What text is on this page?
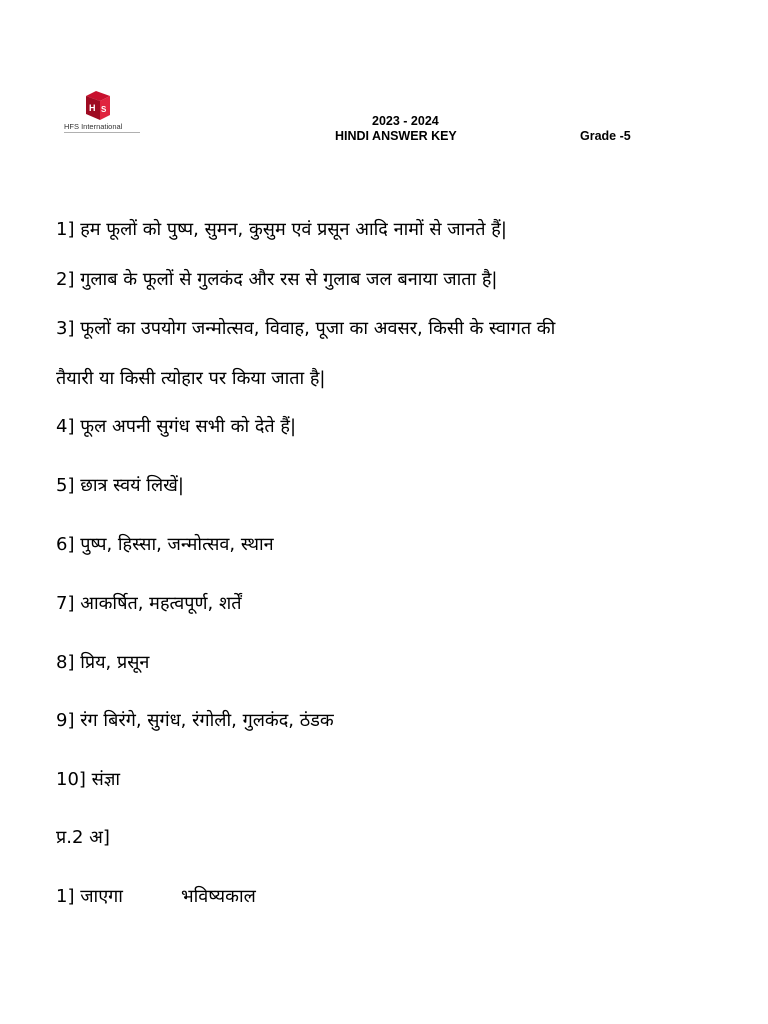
H S
HFS International	2023 - 2024
HINDI ANSWER KEY	Grade -5
1] हम फूलों को पुष्प, सुमन, कुसुम एवं प्रसून आदि नामों से जानते हैं|
2] गुलाब के फूलों से गुलकंद और रस से गुलाब जल बनाया जाता है|
3] फूलों का उपयोग जन्मोत्सव, विवाह, पूजा का अवसर, किसी के स्वागत की
तैयारी या किसी त्योहार पर किया जाता है|
4] फूल अपनी सुगंध सभी को देते हैं|
5] छात्र स्वयं लिखें|
6] पुष्प, हिस्सा, जन्मोत्सव, स्थान
7] आकर्षित, महत्वपूर्ण, शर्तें
8] प्रिय, प्रसून
9] रंग बिरंगे, सुगंध, रंगोली, गुलकंद, ठंडक
10] संज्ञा
प्र.2 अ]
1] जाएगा	भविष्यकाल
